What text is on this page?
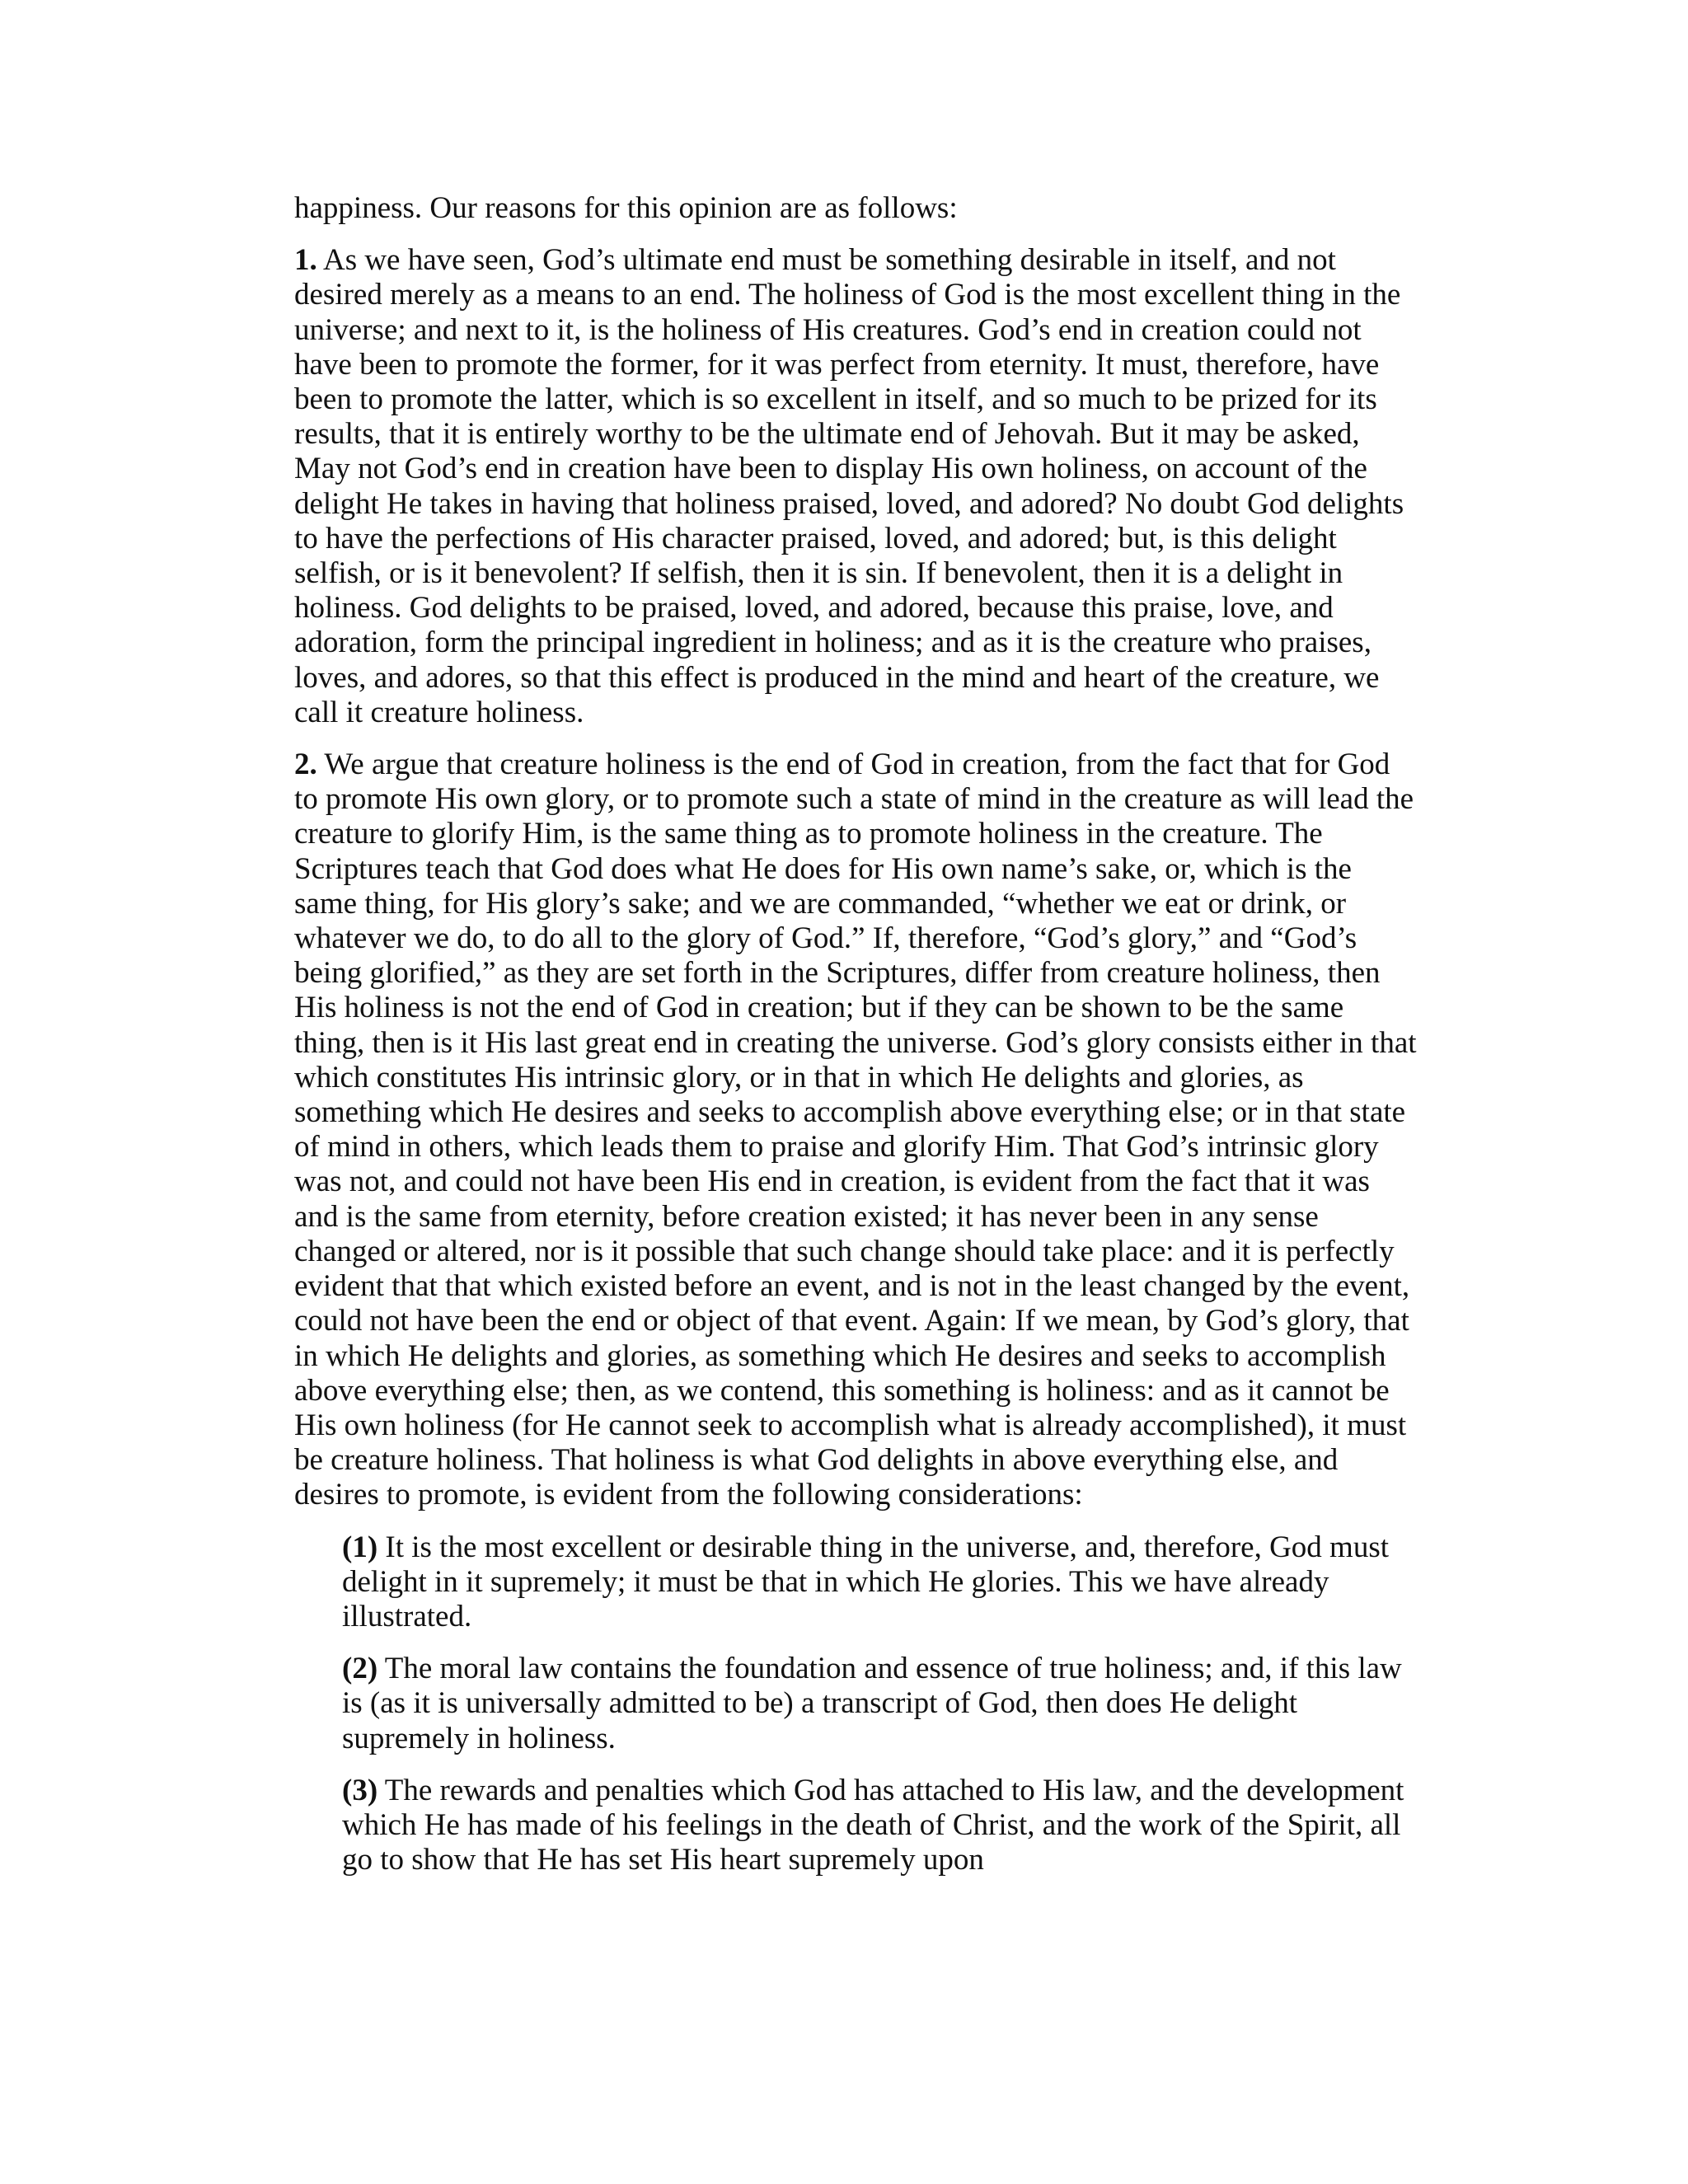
happiness. Our reasons for this opinion are as follows:

1. As we have seen, God’s ultimate end must be something desirable in itself, and not desired merely as a means to an end. The holiness of God is the most excellent thing in the universe; and next to it, is the holiness of His creatures. God’s end in creation could not have been to promote the former, for it was perfect from eternity. It must, therefore, have been to promote the latter, which is so excellent in itself, and so much to be prized for its results, that it is entirely worthy to be the ultimate end of Jehovah. But it may be asked, May not God’s end in creation have been to display His own holiness, on account of the delight He takes in having that holiness praised, loved, and adored? No doubt God delights to have the perfections of His character praised, loved, and adored; but, is this delight selfish, or is it benevolent? If selfish, then it is sin. If benevolent, then it is a delight in holiness. God delights to be praised, loved, and adored, because this praise, love, and adoration, form the principal ingredient in holiness; and as it is the creature who praises, loves, and adores, so that this effect is produced in the mind and heart of the creature, we call it creature holiness.

2. We argue that creature holiness is the end of God in creation, from the fact that for God to promote His own glory, or to promote such a state of mind in the creature as will lead the creature to glorify Him, is the same thing as to promote holiness in the creature. The Scriptures teach that God does what He does for His own name’s sake, or, which is the same thing, for His glory’s sake; and we are commanded, “whether we eat or drink, or whatever we do, to do all to the glory of God.” If, therefore, “God’s glory,” and “God’s being glorified,” as they are set forth in the Scriptures, differ from creature holiness, then His holiness is not the end of God in creation; but if they can be shown to be the same thing, then is it His last great end in creating the universe. God’s glory consists either in that which constitutes His intrinsic glory, or in that in which He delights and glories, as something which He desires and seeks to accomplish above everything else; or in that state of mind in others, which leads them to praise and glorify Him. That God’s intrinsic glory was not, and could not have been His end in creation, is evident from the fact that it was and is the same from eternity, before creation existed; it has never been in any sense changed or altered, nor is it possible that such change should take place: and it is perfectly evident that that which existed before an event, and is not in the least changed by the event, could not have been the end or object of that event. Again: If we mean, by God’s glory, that in which He delights and glories, as something which He desires and seeks to accomplish above everything else; then, as we contend, this something is holiness: and as it cannot be His own holiness (for He cannot seek to accomplish what is already accomplished), it must be creature holiness. That holiness is what God delights in above everything else, and desires to promote, is evident from the following considerations:

(1) It is the most excellent or desirable thing in the universe, and, therefore, God must delight in it supremely; it must be that in which He glories. This we have already illustrated.

(2) The moral law contains the foundation and essence of true holiness; and, if this law is (as it is universally admitted to be) a transcript of God, then does He delight supremely in holiness.

(3) The rewards and penalties which God has attached to His law, and the development which He has made of his feelings in the death of Christ, and the work of the Spirit, all go to show that He has set His heart supremely upon
